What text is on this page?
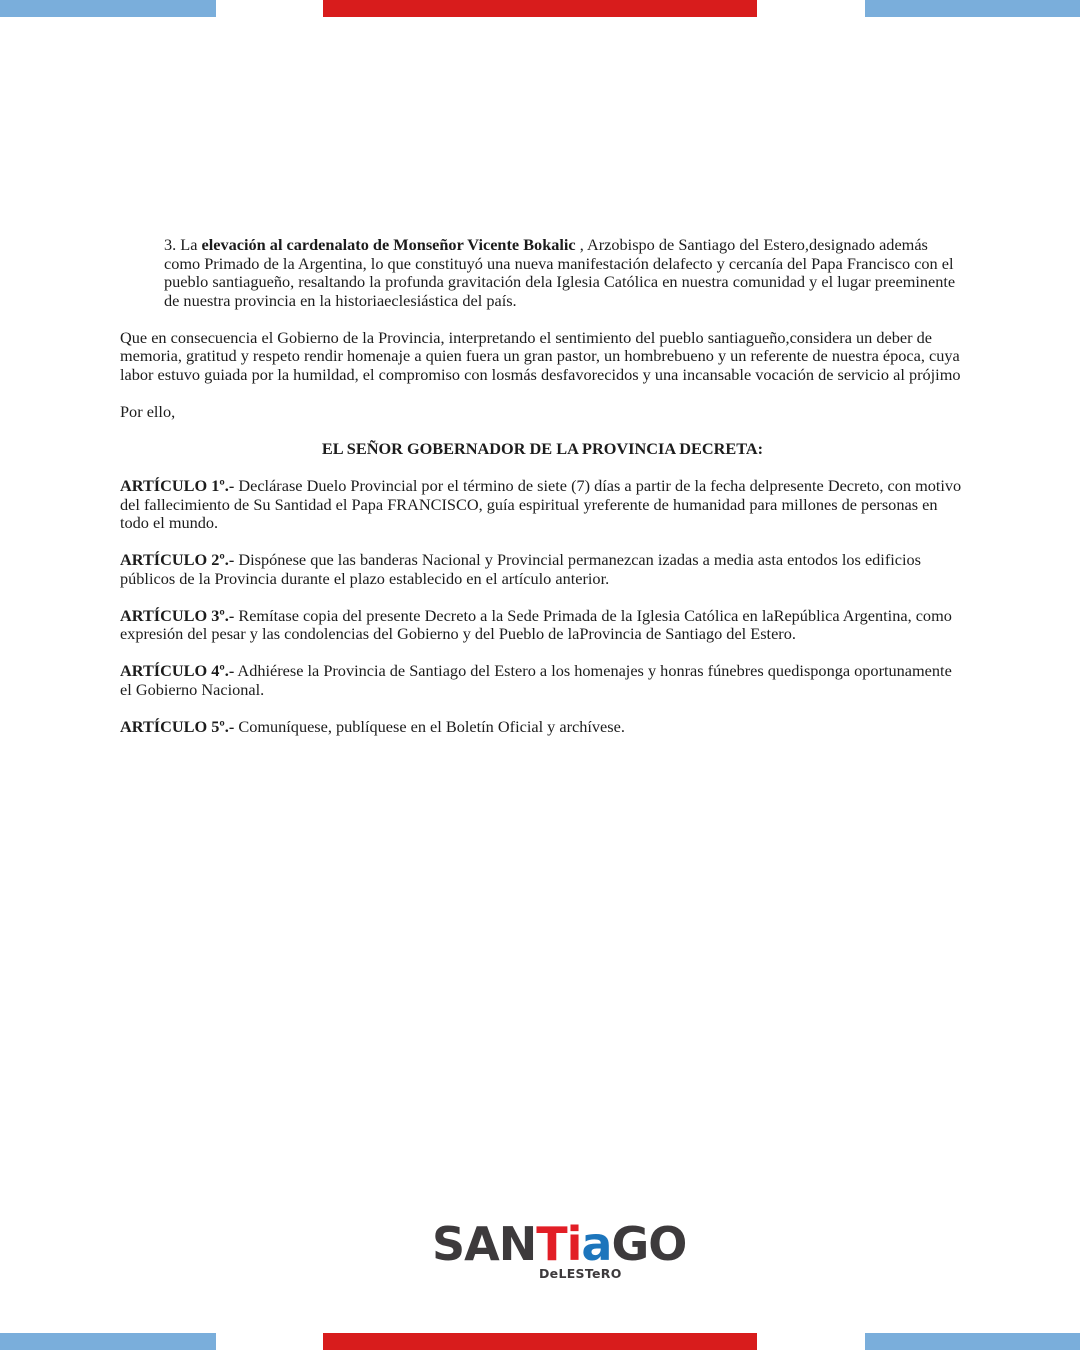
3. La elevación al cardenalato de Monseñor Vicente Bokalic , Arzobispo de Santiago del Estero,designado además como Primado de la Argentina, lo que constituyó una nueva manifestación delafecto y cercanía del Papa Francisco con el pueblo santiagueño, resaltando la profunda gravitación dela Iglesia Católica en nuestra comunidad y el lugar preeminente de nuestra provincia en la historiaeclesiástica del país.

Que en consecuencia el Gobierno de la Provincia, interpretando el sentimiento del pueblo santiagueño,considera un deber de memoria, gratitud y respeto rendir homenaje a quien fuera un gran pastor, un hombrebueno y un referente de nuestra época, cuya labor estuvo guiada por la humildad, el compromiso con losmás desfavorecidos y una incansable vocación de servicio al prójimo

Por ello,

EL SEÑOR GOBERNADOR DE LA PROVINCIA DECRETA:

ARTÍCULO 1º.- Declárase Duelo Provincial por el término de siete (7) días a partir de la fecha delpresente Decreto, con motivo del fallecimiento de Su Santidad el Papa FRANCISCO, guía espiritual yreferente de humanidad para millones de personas en todo el mundo.

ARTÍCULO 2º.- Dispónese que las banderas Nacional y Provincial permanezcan izadas a media asta entodos los edificios públicos de la Provincia durante el plazo establecido en el artículo anterior.

ARTÍCULO 3º.- Remítase copia del presente Decreto a la Sede Primada de la Iglesia Católica en laRepública Argentina, como expresión del pesar y las condolencias del Gobierno y del Pueblo de laProvincia de Santiago del Estero.

ARTÍCULO 4º.- Adhiérese la Provincia de Santiago del Estero a los homenajes y honras fúnebres quedisponga oportunamente el Gobierno Nacional.

ARTÍCULO 5º.- Comuníquese, publíquese en el Boletín Oficial y archívese.

SANTiaGO
DeLESTeRO
